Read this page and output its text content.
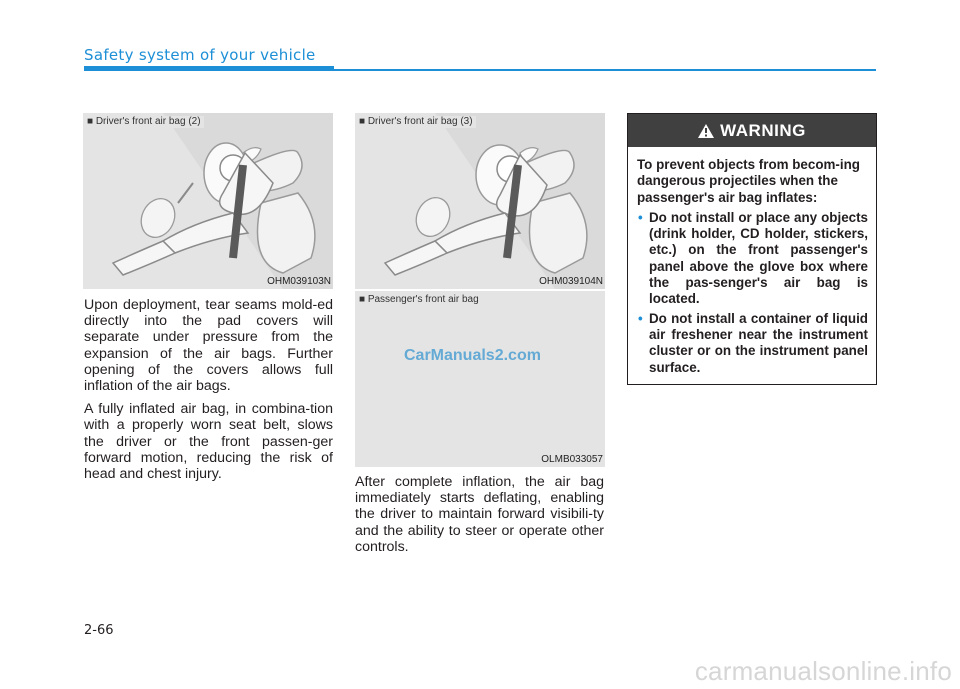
Safety system of your vehicle
■ Driver's front air bag (2)
OHM039103N
■ Driver's front air bag (3)
OHM039104N
■ Passenger's front air bag
OLMB033057

Upon deployment, tear seams mold-ed directly into the pad covers will separate under pressure from the expansion of the air bags. Further opening of the covers allows full inflation of the air bags.

A fully inflated air bag, in combina-tion with a properly worn seat belt, slows the driver or the front passen-ger forward motion, reducing the risk of head and chest injury.	After complete inflation, the air bag immediately starts deflating, enabling the driver to maintain forward visibili-ty and the ability to steer or operate other controls.

WARNING

To prevent objects from becom-ing dangerous projectiles when the passenger's air bag inflates:

• Do not install or place any objects (drink holder, CD holder, stickers, etc.) on the front passenger's panel above the glove box where the pas-senger's air bag is located.
• Do not install a container of liquid air freshener near the instrument cluster or on the instrument panel surface.
2-66
CarManuals2.com
carmanualsonline.info
